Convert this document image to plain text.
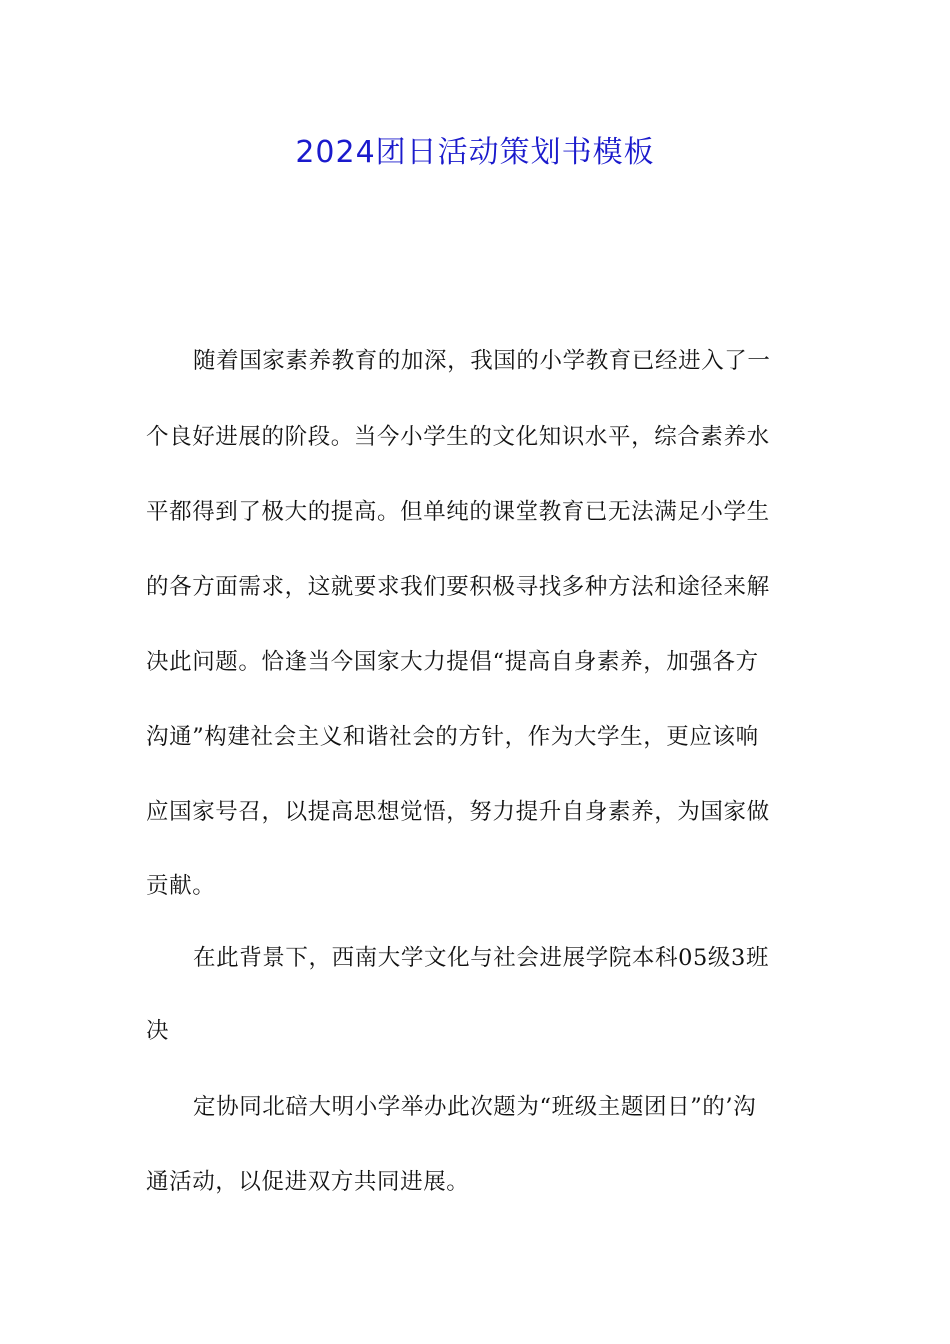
2024团日活动策划书模板
随着国家素养教育的加深，我国的小学教育已经进入了一
个良好进展的阶段。当今小学生的文化知识水平，综合素养水
平都得到了极大的提高。但单纯的课堂教育已无法满足小学生
的各方面需求，这就要求我们要积极寻找多种方法和途径来解
决此问题。恰逢当今国家大力提倡“提高自身素养，加强各方
沟通”构建社会主义和谐社会的方针，作为大学生，更应该响
应国家号召，以提高思想觉悟，努力提升自身素养，为国家做
贡献。
在此背景下，西南大学文化与社会进展学院本科05级3班
决
定协同北碚大明小学举办此次题为“班级主题团日”的’沟
通活动，以促进双方共同进展。
